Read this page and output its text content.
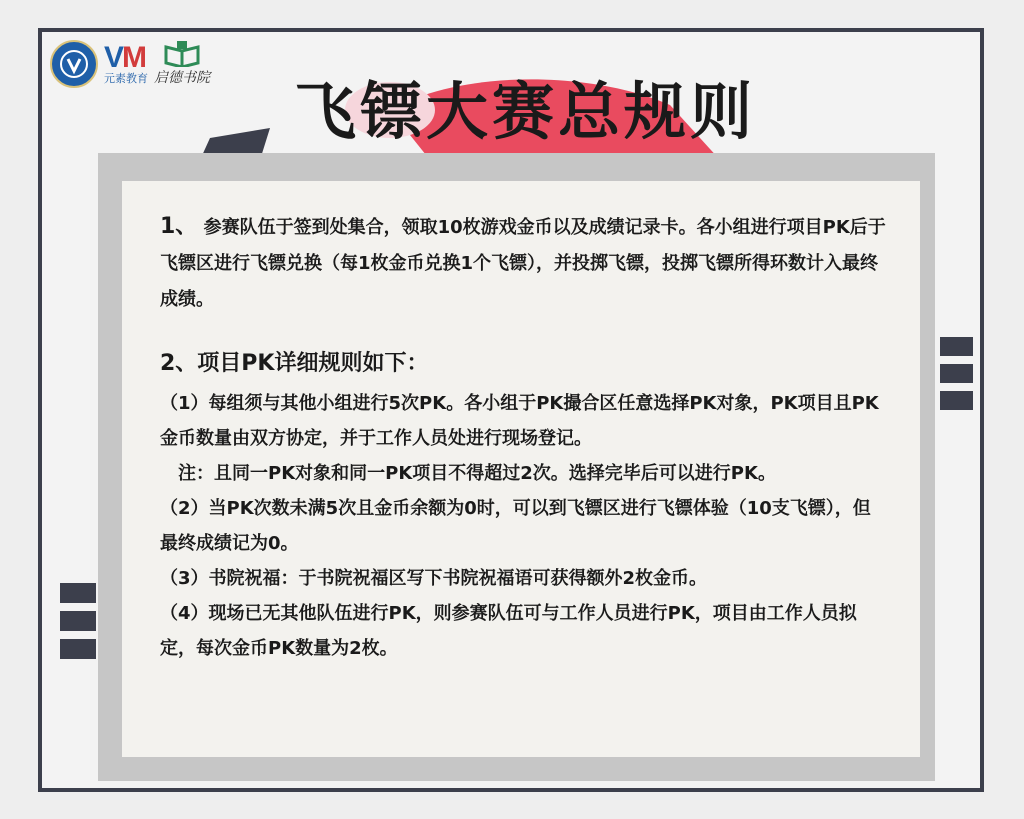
VM
元素教育 启德书院	飞镖大赛总规则

1、 参赛队伍于签到处集合，领取10枚游戏金币以及成绩记录卡。各小组进行项目PK后于飞镖区进行飞镖兑换（每1枚金币兑换1个飞镖），并投掷飞镖，投掷飞镖所得环数计入最终成绩。

2、项目PK详细规则如下：

（1）每组须与其他小组进行5次PK。各小组于PK撮合区任意选择PK对象，PK项目且PK金币数量由双方协定，并于工作人员处进行现场登记。

注：且同一PK对象和同一PK项目不得超过2次。选择完毕后可以进行PK。

（2）当PK次数未满5次且金币余额为0时，可以到飞镖区进行飞镖体验（10支飞镖），但最终成绩记为0。

（3）书院祝福：于书院祝福区写下书院祝福语可获得额外2枚金币。

（4）现场已无其他队伍进行PK，则参赛队伍可与工作人员进行PK，项目由工作人员拟定，每次金币PK数量为2枚。
